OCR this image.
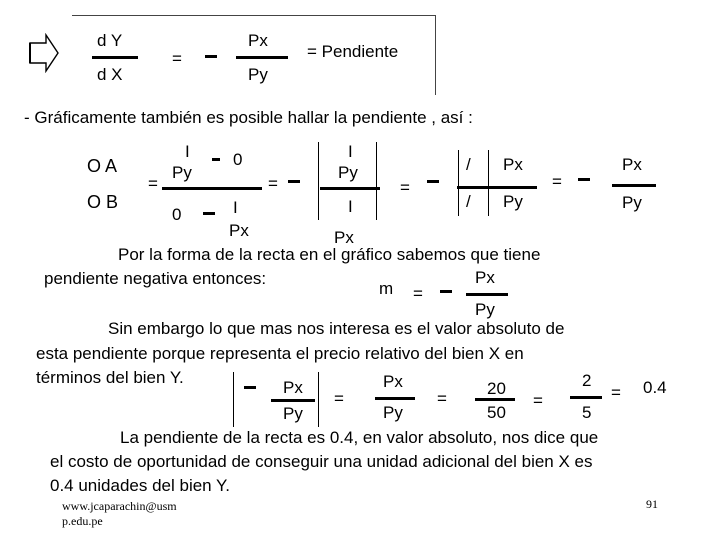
d Y
d X
=
Px
Py
= Pendiente
- Gráficamente también es posible hallar la pendiente , así :
O A
O B
=
I
Py
0
0	I
Px
=
I
Py
I
Px
=
/ Px
/ Py
=
Px
Py
Por la forma de la recta en el gráfico sabemos que tiene
pendiente negativa entonces:
m =
Px
Py
Sin embargo lo que mas nos interesa es el valor absoluto de
esta pendiente porque representa el precio relativo del bien X en
términos del bien Y.
Px
Py
=
Px
Py
=
20
50
=
2
5
= 0.4
La pendiente de la recta es 0.4, en valor absoluto, nos dice que
el costo de oportunidad de conseguir una unidad adicional del bien X es
0.4 unidades del bien Y.
www.jcaparachin@usm
p.edu.pe
91
